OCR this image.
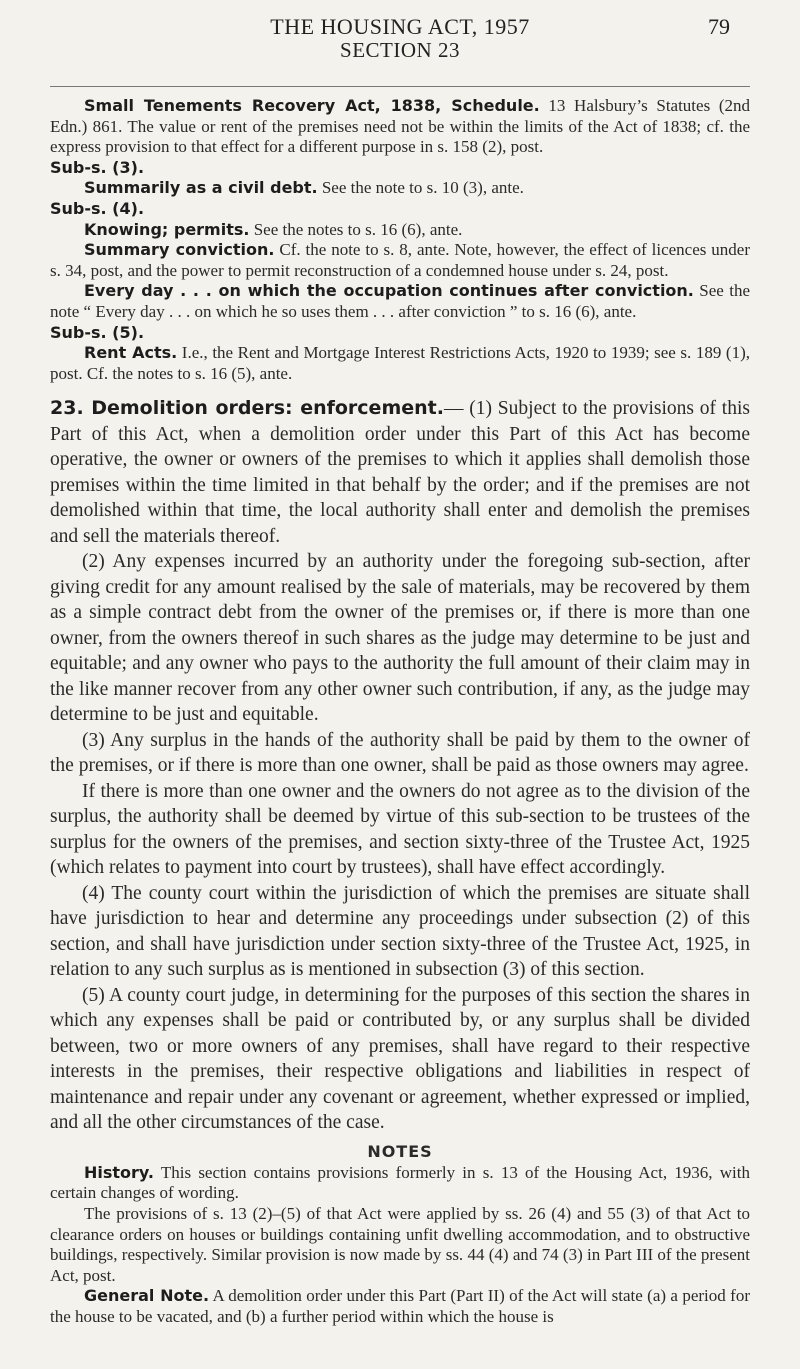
THE HOUSING ACT, 1957	79
SECTION 23

Small Tenements Recovery Act, 1838, Schedule. 13 Halsbury’s Statutes (2nd Edn.) 861. The value or rent of the premises need not be within the limits of the Act of 1838; cf. the express provision to that effect for a different purpose in s. 158 (2), post.

Sub-s. (3).

Summarily as a civil debt. See the note to s. 10 (3), ante.

Sub-s. (4).

Knowing; permits. See the notes to s. 16 (6), ante.

Summary conviction. Cf. the note to s. 8, ante. Note, however, the effect of licences under s. 34, post, and the power to permit reconstruction of a condemned house under s. 24, post.

Every day . . . on which the occupation continues after conviction. See the note “ Every day . . . on which he so uses them . . . after conviction ” to s. 16 (6), ante.

Sub-s. (5).

Rent Acts. I.e., the Rent and Mortgage Interest Restrictions Acts, 1920 to 1939; see s. 189 (1), post. Cf. the notes to s. 16 (5), ante.

23. Demolition orders: enforcement.— (1) Subject to the provisions of this Part of this Act, when a demolition order under this Part of this Act has become operative, the owner or owners of the premises to which it applies shall demolish those premises within the time limited in that behalf by the order; and if the premises are not demolished within that time, the local authority shall enter and demolish the premises and sell the materials thereof.

(2) Any expenses incurred by an authority under the foregoing sub-section, after giving credit for any amount realised by the sale of materials, may be recovered by them as a simple contract debt from the owner of the premises or, if there is more than one owner, from the owners thereof in such shares as the judge may determine to be just and equitable; and any owner who pays to the authority the full amount of their claim may in the like manner recover from any other owner such contribution, if any, as the judge may determine to be just and equitable.

(3) Any surplus in the hands of the authority shall be paid by them to the owner of the premises, or if there is more than one owner, shall be paid as those owners may agree.

If there is more than one owner and the owners do not agree as to the division of the surplus, the authority shall be deemed by virtue of this sub-section to be trustees of the surplus for the owners of the premises, and section sixty-three of the Trustee Act, 1925 (which relates to payment into court by trustees), shall have effect accordingly.

(4) The county court within the jurisdiction of which the premises are situate shall have jurisdiction to hear and determine any proceedings under subsection (2) of this section, and shall have jurisdiction under section sixty-three of the Trustee Act, 1925, in relation to any such surplus as is mentioned in subsection (3) of this section.

(5) A county court judge, in determining for the purposes of this section the shares in which any expenses shall be paid or contributed by, or any surplus shall be divided between, two or more owners of any premises, shall have regard to their respective interests in the premises, their respective obligations and liabilities in respect of maintenance and repair under any covenant or agreement, whether expressed or implied, and all the other circumstances of the case.

NOTES

History. This section contains provisions formerly in s. 13 of the Housing Act, 1936, with certain changes of wording.

The provisions of s. 13 (2)–(5) of that Act were applied by ss. 26 (4) and 55 (3) of that Act to clearance orders on houses or buildings containing unfit dwelling accommodation, and to obstructive buildings, respectively. Similar provision is now made by ss. 44 (4) and 74 (3) in Part III of the present Act, post.

General Note. A demolition order under this Part (Part II) of the Act will state (a) a period for the house to be vacated, and (b) a further period within which the house is
